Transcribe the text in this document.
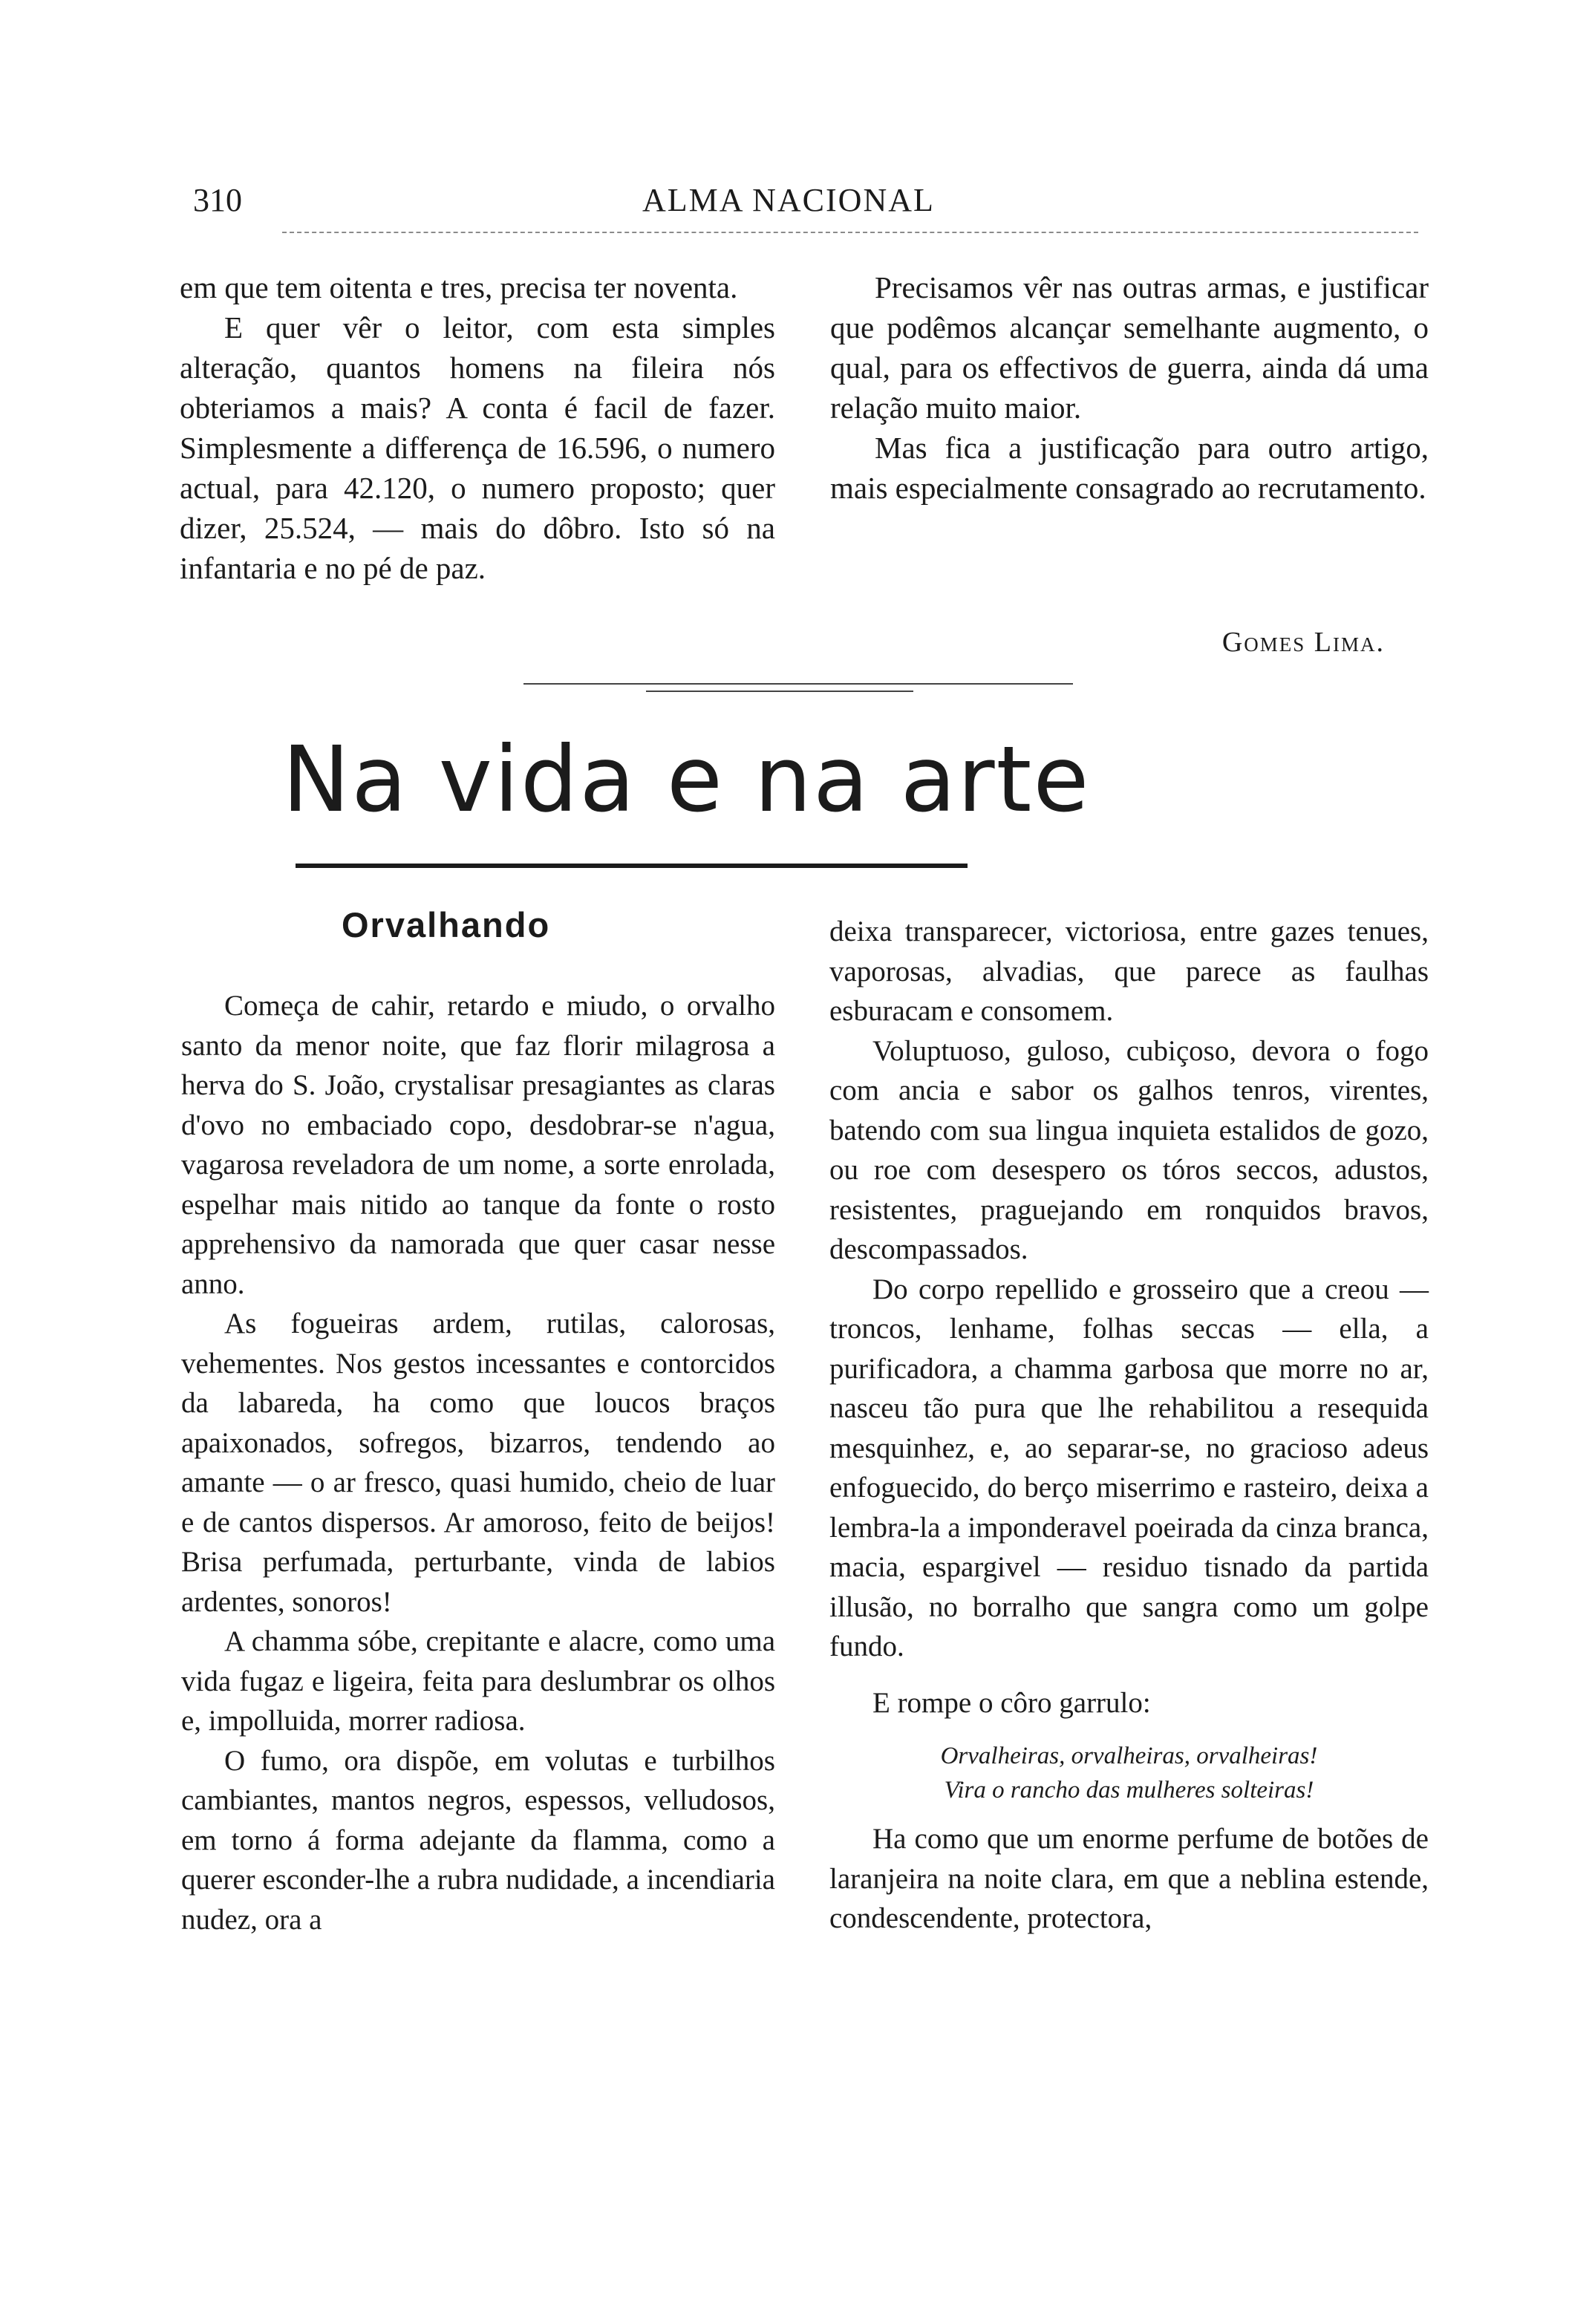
310	ALMA NACIONAL

em que tem oitenta e tres, precisa ter noventa.

E quer vêr o leitor, com esta simples alteração, quantos homens na fileira nós obteriamos a mais? A conta é facil de fazer. Simplesmente a differença de 16.596, o numero actual, para 42.120, o numero proposto; quer dizer, 25.524, — mais do dôbro. Isto só na infantaria e no pé de paz.

Precisamos vêr nas outras armas, e justificar que podêmos alcançar semelhante augmento, o qual, para os effectivos de guerra, ainda dá uma relação muito maior.

Mas fica a justificação para outro artigo, mais especialmente consagrado ao recrutamento.

Gomes Lima.
Na vida e na arte
Orvalhando

Começa de cahir, retardo e miudo, o orvalho santo da menor noite, que faz florir milagrosa a herva do S. João, crystalisar presagiantes as claras d'ovo no embaciado copo, desdobrar-se n'agua, vagarosa reveladora de um nome, a sorte enrolada, espelhar mais nitido ao tanque da fonte o rosto apprehensivo da namorada que quer casar nesse anno.

As fogueiras ardem, rutilas, calorosas, vehementes. Nos gestos incessantes e contorcidos da labareda, ha como que loucos braços apaixonados, sofregos, bizarros, tendendo ao amante — o ar fresco, quasi humido, cheio de luar e de cantos dispersos. Ar amoroso, feito de beijos! Brisa perfumada, perturbante, vinda de labios ardentes, sonoros!

A chamma sóbe, crepitante e alacre, como uma vida fugaz e ligeira, feita para deslumbrar os olhos e, impolluida, morrer radiosa.

O fumo, ora dispõe, em volutas e turbilhos cambiantes, mantos negros, espessos, velludosos, em torno á forma adejante da flamma, como a querer esconder-lhe a rubra nudidade, a incendiaria nudez, ora a

deixa transparecer, victoriosa, entre gazes tenues, vaporosas, alvadias, que parece as faulhas esburacam e consomem.

Voluptuoso, guloso, cubiçoso, devora o fogo com ancia e sabor os galhos tenros, virentes, batendo com sua lingua inquieta estalidos de gozo, ou roe com desespero os tóros seccos, adustos, resistentes, praguejando em ronquidos bravos, descompassados.

Do corpo repellido e grosseiro que a creou — troncos, lenhame, folhas seccas — ella, a purificadora, a chamma garbosa que morre no ar, nasceu tão pura que lhe rehabilitou a resequida mesquinhez, e, ao separar-se, no gracioso adeus enfoguecido, do berço miserrimo e rasteiro, deixa a lembra-la a imponderavel poeirada da cinza branca, macia, espargivel — residuo tisnado da partida illusão, no borralho que sangra como um golpe fundo.

E rompe o côro garrulo:

Orvalheiras, orvalheiras, orvalheiras!
Vira o rancho das mulheres solteiras!

Ha como que um enorme perfume de botões de laranjeira na noite clara, em que a neblina estende, condescendente, protectora,
